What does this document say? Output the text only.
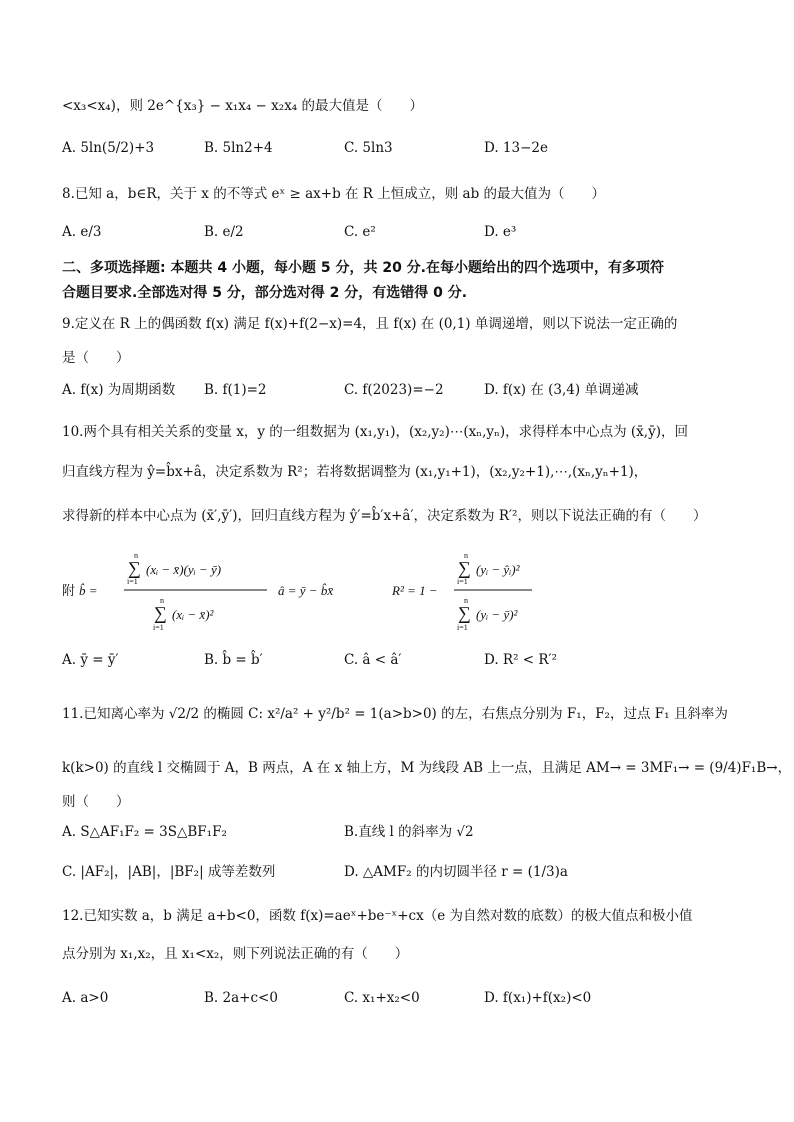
<x₃<x₄)，则 2e^{x₃} − x₁x₄ − x₂x₄ 的最大值是（　　）
A. 5ln(5/2)+3	B. 5ln2+4	C. 5ln3	D. 13−2e
8.已知 a，b∈R，关于 x 的不等式 eˣ ≥ ax+b 在 R 上恒成立，则 ab 的最大值为（　　）
A. e/3	B. e/2	C. e²	D. e³
二、多项选择题: 本题共 4 小题，每小题 5 分，共 20 分.在每小题给出的四个选项中，有多项符
合题目要求.全部选对得 5 分，部分选对得 2 分，有选错得 0 分.
9.定义在 R 上的偶函数 f(x) 满足 f(x)+f(2−x)=4，且 f(x) 在 (0,1) 单调递增，则以下说法一定正确的
是（　　）
A. f(x) 为周期函数 B. f(1)=2	C. f(2023)=−2	D. f(x) 在 (3,4) 单调递减
10.两个具有相关关系的变量 x，y 的一组数据为 (x₁,y₁)，(x₂,y₂)⋯(xₙ,yₙ)，求得样本中心点为 (x̄,ȳ)，回
归直线方程为 ŷ=b̂x+â，决定系数为 R²；若将数据调整为 (x₁,y₁+1)，(x₂,y₂+1),⋯,(xₙ,yₙ+1)，
求得新的样本中心点为 (x̄′,ȳ′)，回归直线方程为 ŷ′=b̂′x+â′，决定系数为 R′²，则以下说法正确的有（　　）
附 b̂ =
n
∑
i=1
(xᵢ − x̄)(yᵢ − ȳ)
n
∑
i=1
(xᵢ − x̄)²
â = ȳ − b̂x̄	R² = 1 −
n
∑
i=1
(yᵢ − ŷᵢ)²
n
∑
i=1
(yᵢ − ȳ)²
A. ȳ = ȳ′	B. b̂ = b̂′	C. â < â′	D. R² < R′²
11.已知离心率为 √2/2 的椭圆 C: x²/a² + y²/b² = 1(a>b>0) 的左，右焦点分别为 F₁，F₂，过点 F₁ 且斜率为
k(k>0) 的直线 l 交椭圆于 A，B 两点，A 在 x 轴上方，M 为线段 AB 上一点，且满足 AM→ = 3MF₁→ = (9/4)F₁B→，
则（　　）
A. S△AF₁F₂ = 3S△BF₁F₂	B.直线 l 的斜率为 √2
C. |AF₂|，|AB|，|BF₂| 成等差数列	D. △AMF₂ 的内切圆半径 r = (1/3)a
12.已知实数 a，b 满足 a+b<0，函数 f(x)=aeˣ+be⁻ˣ+cx（e 为自然对数的底数）的极大值点和极小值
点分别为 x₁,x₂，且 x₁<x₂，则下列说法正确的有（　　）
A. a>0	B. 2a+c<0	C. x₁+x₂<0	D. f(x₁)+f(x₂)<0
